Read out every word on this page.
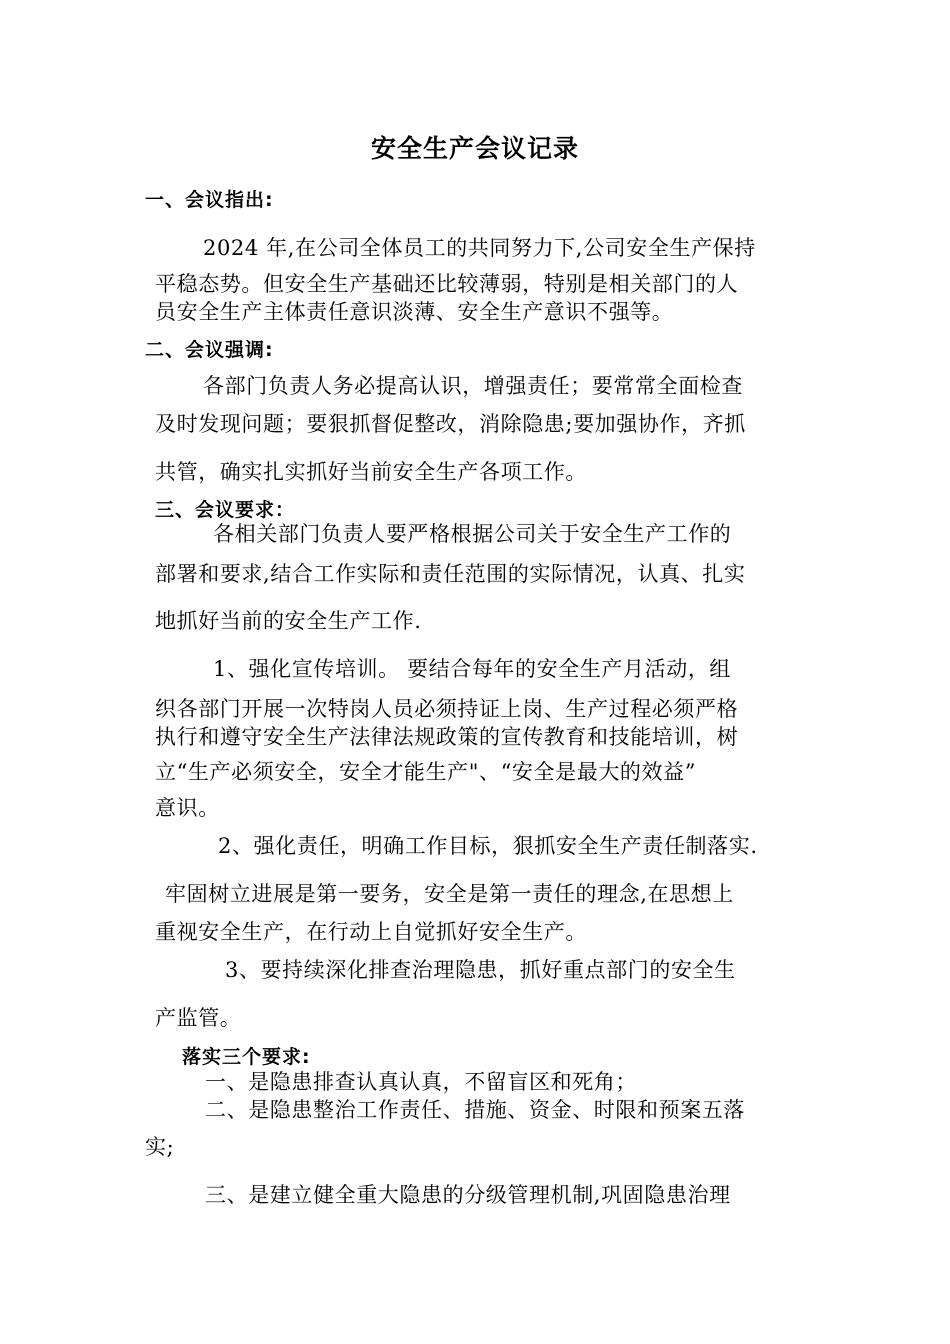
安全生产会议记录
一、会议指出:
2024 年,在公司全体员工的共同努力下,公司安全生产保持
平稳态势。但安全生产基础还比较薄弱，特别是相关部门的人
员安全生产主体责任意识淡薄、安全生产意识不强等。
二、会议强调:
各部门负责人务必提高认识，增强责任；要常常全面检查
及时发现问题；要狠抓督促整改，消除隐患;要加强协作，齐抓
共管，确实扎实抓好当前安全生产各项工作。
三、会议要求：
各相关部门负责人要严格根据公司关于安全生产工作的
部署和要求,结合工作实际和责任范围的实际情况，认真、扎实
地抓好当前的安全生产工作.
1、强化宣传培训。 要结合每年的安全生产月活动，组
织各部门开展一次特岗人员必须持证上岗、生产过程必须严格
执行和遵守安全生产法律法规政策的宣传教育和技能培训，树
立“生产必须安全，安全才能生产"、“安全是最大的效益”
意识。
2、强化责任，明确工作目标，狠抓安全生产责任制落实.
牢固树立进展是第一要务，安全是第一责任的理念,在思想上
重视安全生产，在行动上自觉抓好安全生产。
3、要持续深化排查治理隐患，抓好重点部门的安全生
产监管。
落实三个要求:
一、是隐患排查认真认真，不留盲区和死角；
二、是隐患整治工作责任、措施、资金、时限和预案五落
实;
三、是建立健全重大隐患的分级管理机制,巩固隐患治理
